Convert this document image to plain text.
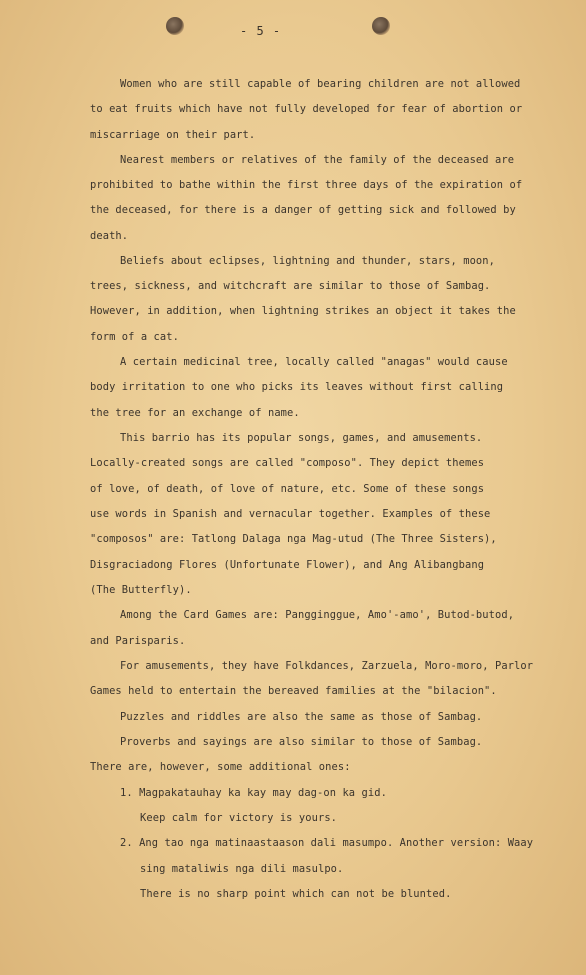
- 5 -
Women who are still capable of bearing children are not allowed
to eat fruits which have not fully developed for fear of abortion or
miscarriage on their part.
Nearest members or relatives of the family of the deceased are
prohibited to bathe within the first three days of the expiration of
the deceased, for there is a danger of getting sick and followed by
death.
Beliefs about eclipses, lightning and thunder, stars, moon,
trees, sickness, and witchcraft are similar to those of Sambag.
However, in addition, when lightning strikes an object it takes the
form of a cat.
A certain medicinal tree, locally called "anagas" would cause
body irritation to one who picks its leaves without first calling
the tree for an exchange of name.
This barrio has its popular songs, games, and amusements.
Locally-created songs are called "composo". They depict themes
of love, of death, of love of nature, etc. Some of these songs
use words in Spanish and vernacular together. Examples of these
"composos" are: Tatlong Dalaga nga Mag-utud (The Three Sisters),
Disgraciadong Flores (Unfortunate Flower), and Ang Alibangbang
(The Butterfly).
Among the Card Games are: Pangginggue, Amo'-amo', Butod-butod,
and Parisparis.
For amusements, they have Folkdances, Zarzuela, Moro-moro, Parlor
Games held to entertain the bereaved families at the "bilacion".
Puzzles and riddles are also the same as those of Sambag.
Proverbs and sayings are also similar to those of Sambag.
There are, however, some additional ones:
1. Magpakatauhay ka kay may dag-on ka gid.
Keep calm for victory is yours.
2. Ang tao nga matinaastaason dali masumpo. Another version: Waay
sing mataliwis nga dili masulpo.
There is no sharp point which can not be blunted.
